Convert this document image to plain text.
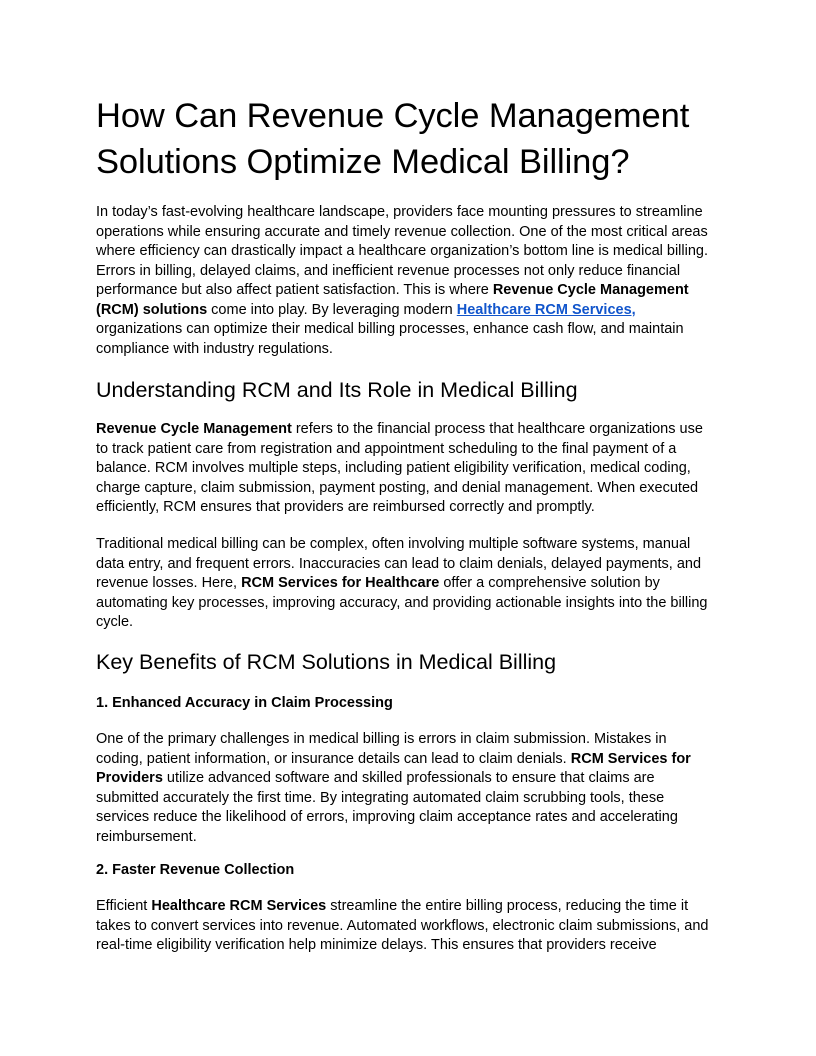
How Can Revenue Cycle Management
Solutions Optimize Medical Billing?

In today’s fast-evolving healthcare landscape, providers face mounting pressures to streamline
operations while ensuring accurate and timely revenue collection. One of the most critical areas
where efficiency can drastically impact a healthcare organization’s bottom line is medical billing.
Errors in billing, delayed claims, and inefficient revenue processes not only reduce financial
performance but also affect patient satisfaction. This is where Revenue Cycle Management
(RCM) solutions come into play. By leveraging modern Healthcare RCM Services,
organizations can optimize their medical billing processes, enhance cash flow, and maintain
compliance with industry regulations.

Understanding RCM and Its Role in Medical Billing

Revenue Cycle Management refers to the financial process that healthcare organizations use
to track patient care from registration and appointment scheduling to the final payment of a
balance. RCM involves multiple steps, including patient eligibility verification, medical coding,
charge capture, claim submission, payment posting, and denial management. When executed
efficiently, RCM ensures that providers are reimbursed correctly and promptly.

Traditional medical billing can be complex, often involving multiple software systems, manual
data entry, and frequent errors. Inaccuracies can lead to claim denials, delayed payments, and
revenue losses. Here, RCM Services for Healthcare offer a comprehensive solution by
automating key processes, improving accuracy, and providing actionable insights into the billing
cycle.

Key Benefits of RCM Solutions in Medical Billing
1. Enhanced Accuracy in Claim Processing

One of the primary challenges in medical billing is errors in claim submission. Mistakes in
coding, patient information, or insurance details can lead to claim denials. RCM Services for
Providers utilize advanced software and skilled professionals to ensure that claims are
submitted accurately the first time. By integrating automated claim scrubbing tools, these
services reduce the likelihood of errors, improving claim acceptance rates and accelerating
reimbursement.

2. Faster Revenue Collection

Efficient Healthcare RCM Services streamline the entire billing process, reducing the time it
takes to convert services into revenue. Automated workflows, electronic claim submissions, and
real-time eligibility verification help minimize delays. This ensures that providers receive
